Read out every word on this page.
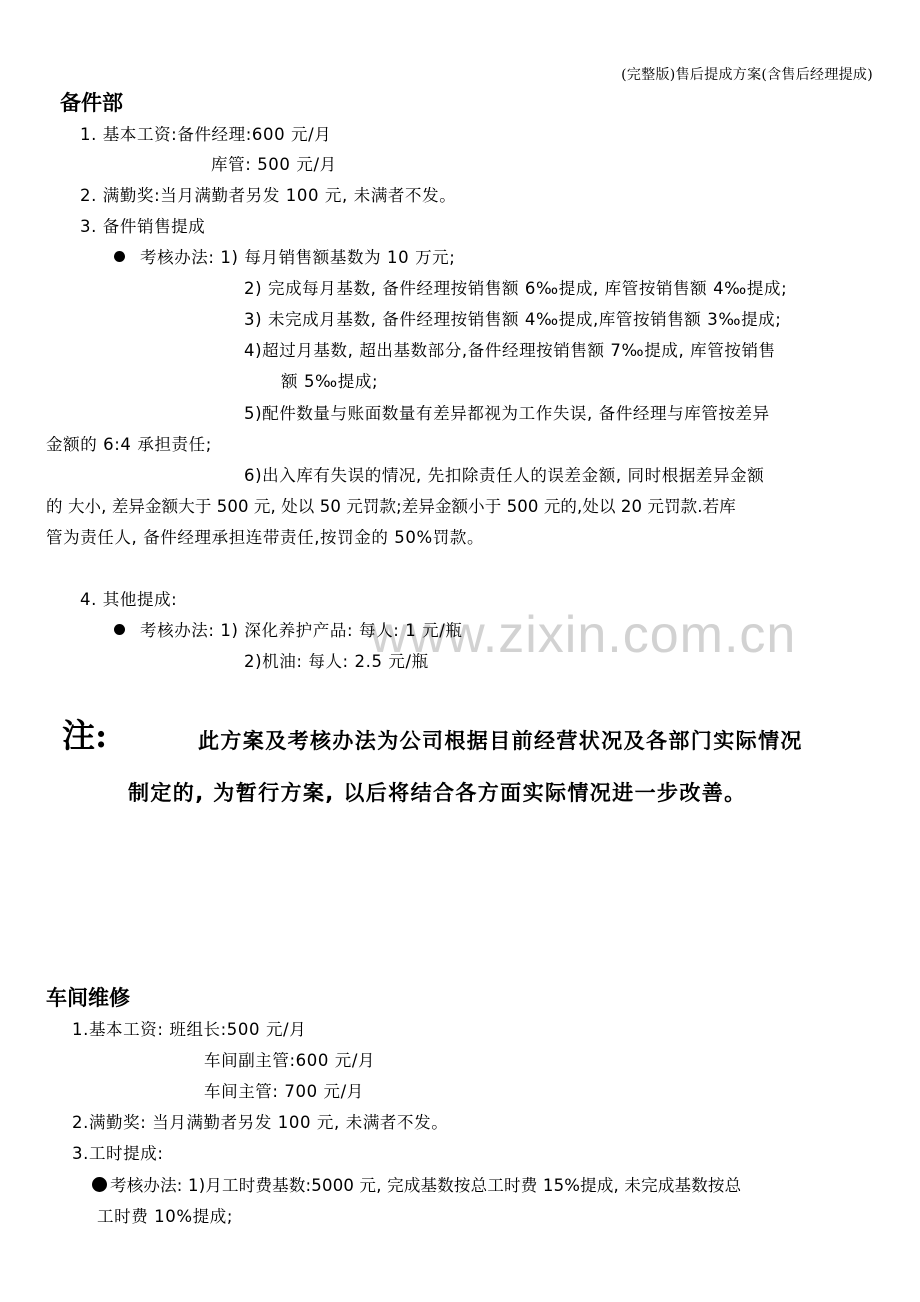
www.zixin.com.cn
(完整版)售后提成方案(含售后经理提成)
备件部
1. 基本工资:备件经理:600 元/月
库管: 500 元/月
2. 满勤奖:当月满勤者另发 100 元, 未满者不发。
3. 备件销售提成
考核办法: 1) 每月销售额基数为 10 万元;
2) 完成每月基数, 备件经理按销售额 6‰提成, 库管按销售额 4‰提成;
3) 未完成月基数, 备件经理按销售额 4‰提成,库管按销售额 3‰提成;
4)超过月基数, 超出基数部分,备件经理按销售额 7‰提成, 库管按销售
额 5‰提成;
5)配件数量与账面数量有差异都视为工作失误, 备件经理与库管按差异
金额的 6:4 承担责任;
6)出入库有失误的情况, 先扣除责任人的误差金额, 同时根据差异金额
的 大小, 差异金额大于 500 元, 处以 50 元罚款;差异金额小于 500 元的,处以 20 元罚款.若库
管为责任人, 备件经理承担连带责任,按罚金的 50%罚款。
4. 其他提成:
考核办法: 1) 深化养护产品: 每人: 1 元/瓶
2)机油: 每人: 2.5 元/瓶
注:	此方案及考核办法为公司根据目前经营状况及各部门实际情况
制定的, 为暂行方案, 以后将结合各方面实际情况进一步改善。
车间维修
1.基本工资: 班组长:500 元/月
车间副主管:600 元/月
车间主管: 700 元/月
2.满勤奖: 当月满勤者另发 100 元, 未满者不发。
3.工时提成:
考核办法: 1)月工时费基数:5000 元, 完成基数按总工时费 15%提成, 未完成基数按总
工时费 10%提成;
